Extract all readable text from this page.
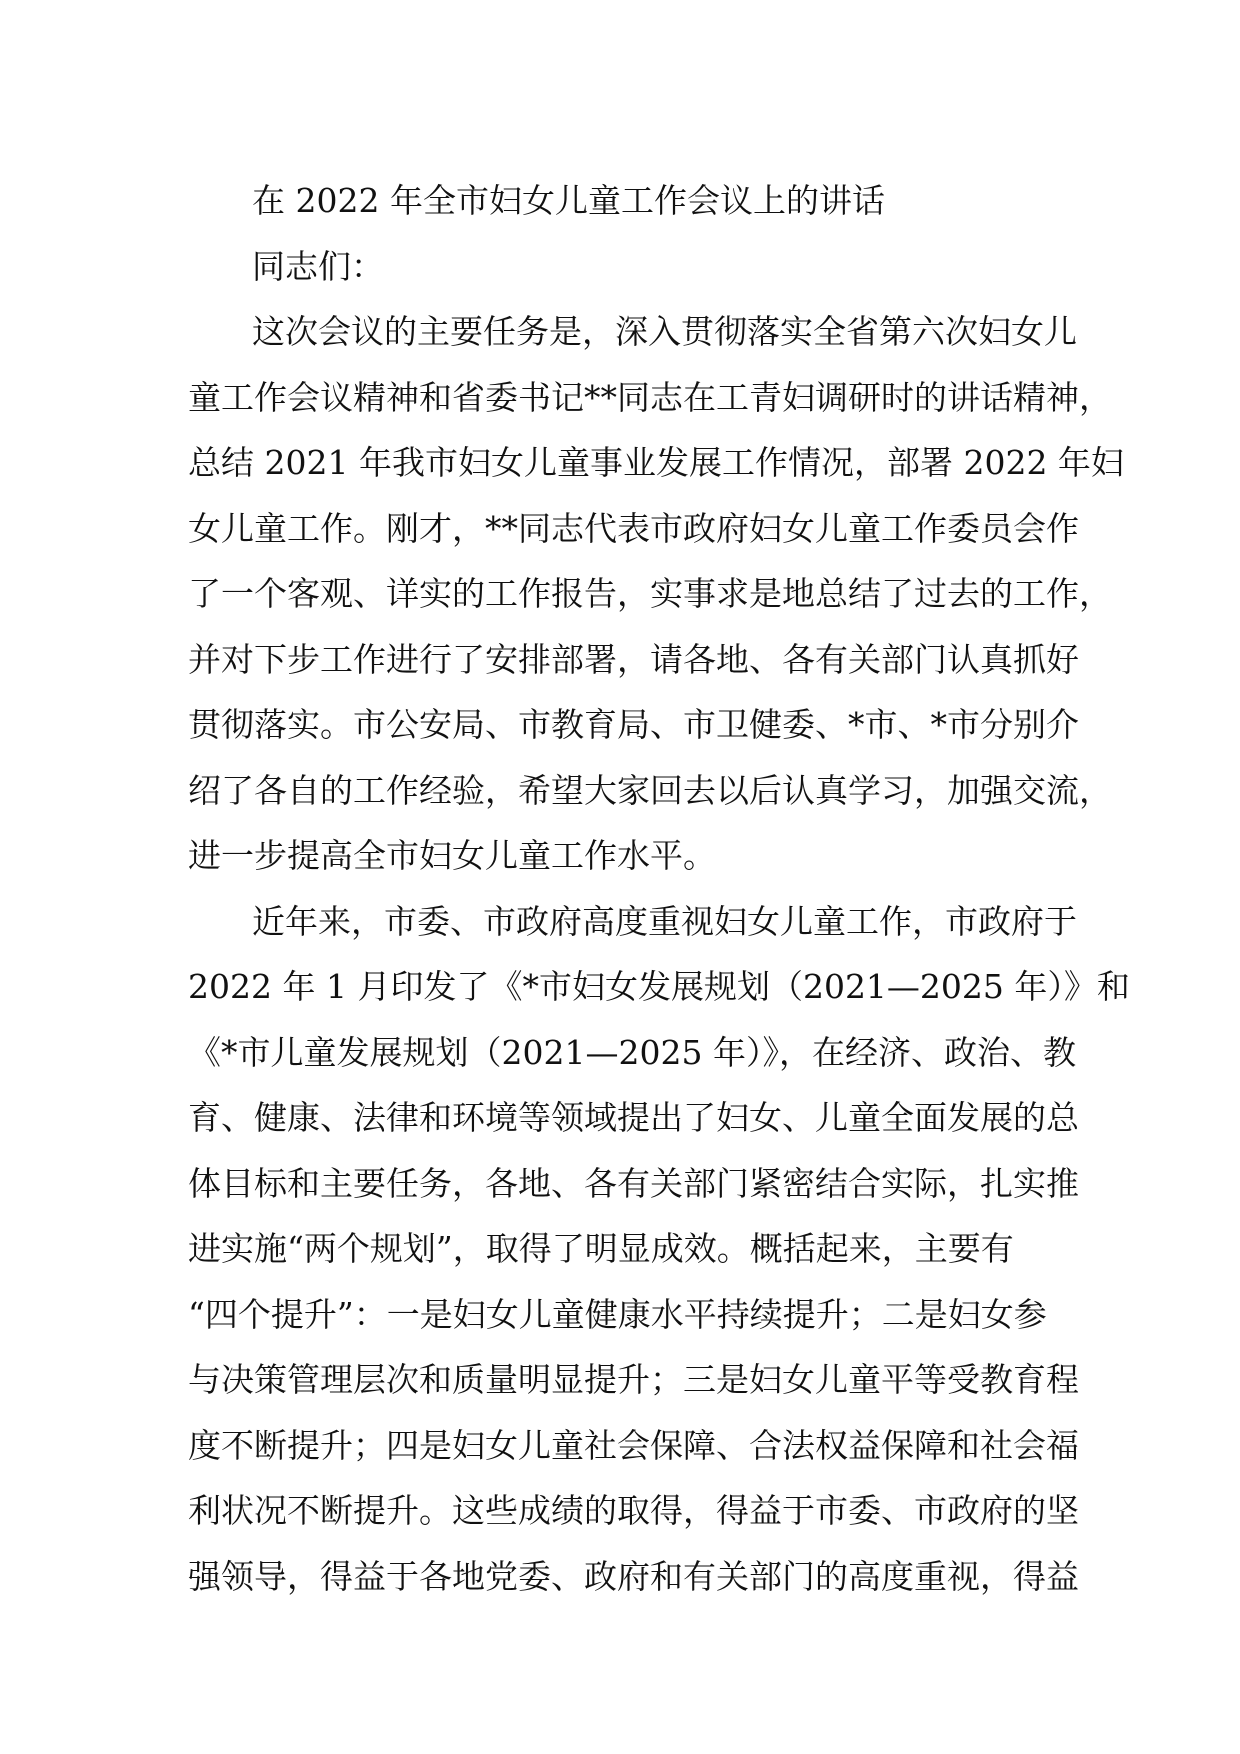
在 2022 年全市妇女儿童工作会议上的讲话

同志们：

这次会议的主要任务是，深入贯彻落实全省第六次妇女儿
童工作会议精神和省委书记**同志在工青妇调研时的讲话精神，
总结 2021 年我市妇女儿童事业发展工作情况，部署 2022 年妇
女儿童工作。刚才，**同志代表市政府妇女儿童工作委员会作
了一个客观、详实的工作报告，实事求是地总结了过去的工作，
并对下步工作进行了安排部署，请各地、各有关部门认真抓好
贯彻落实。市公安局、市教育局、市卫健委、*市、*市分别介
绍了各自的工作经验，希望大家回去以后认真学习，加强交流，
进一步提高全市妇女儿童工作水平。

近年来，市委、市政府高度重视妇女儿童工作，市政府于
2022 年 1 月印发了《*市妇女发展规划（2021—2025 年）》和
《*市儿童发展规划（2021—2025 年）》，在经济、政治、教
育、健康、法律和环境等领域提出了妇女、儿童全面发展的总
体目标和主要任务，各地、各有关部门紧密结合实际，扎实推
进实施“两个规划”，取得了明显成效。概括起来，主要有
“四个提升”：一是妇女儿童健康水平持续提升；二是妇女参
与决策管理层次和质量明显提升；三是妇女儿童平等受教育程
度不断提升；四是妇女儿童社会保障、合法权益保障和社会福
利状况不断提升。这些成绩的取得，得益于市委、市政府的坚
强领导，得益于各地党委、政府和有关部门的高度重视，得益
